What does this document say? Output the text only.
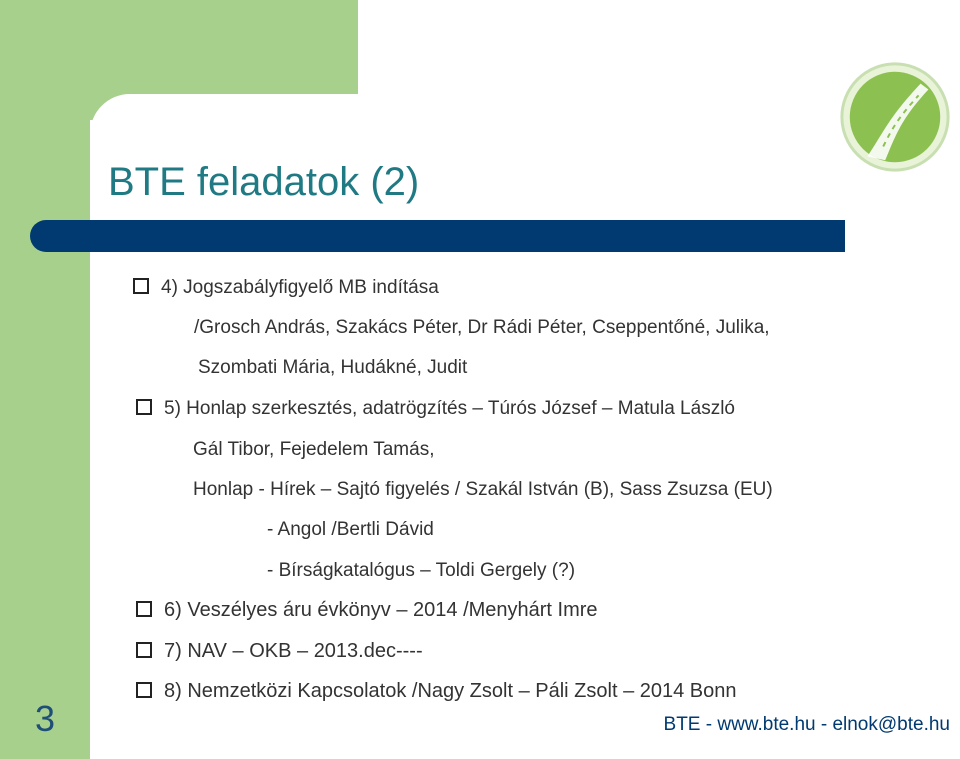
BTE feladatok (2)
4) Jogszabályfigyelő MB indítása
/Grosch András, Szakács Péter, Dr Rádi Péter, Cseppentőné, Julika,
Szombati Mária, Hudákné, Judit
5) Honlap szerkesztés, adatrögzítés – Túrós József – Matula László
Gál Tibor, Fejedelem Tamás,
Honlap - Hírek – Sajtó figyelés / Szakál István (B), Sass Zsuzsa (EU)
- Angol /Bertli Dávid
- Bírságkatalógus – Toldi Gergely (?)
6) Veszélyes áru évkönyv – 2014 /Menyhárt Imre
7) NAV – OKB – 2013.dec----
8) Nemzetközi Kapcsolatok /Nagy Zsolt – Páli Zsolt – 2014 Bonn
3	BTE - www.bte.hu - elnok@bte.hu
